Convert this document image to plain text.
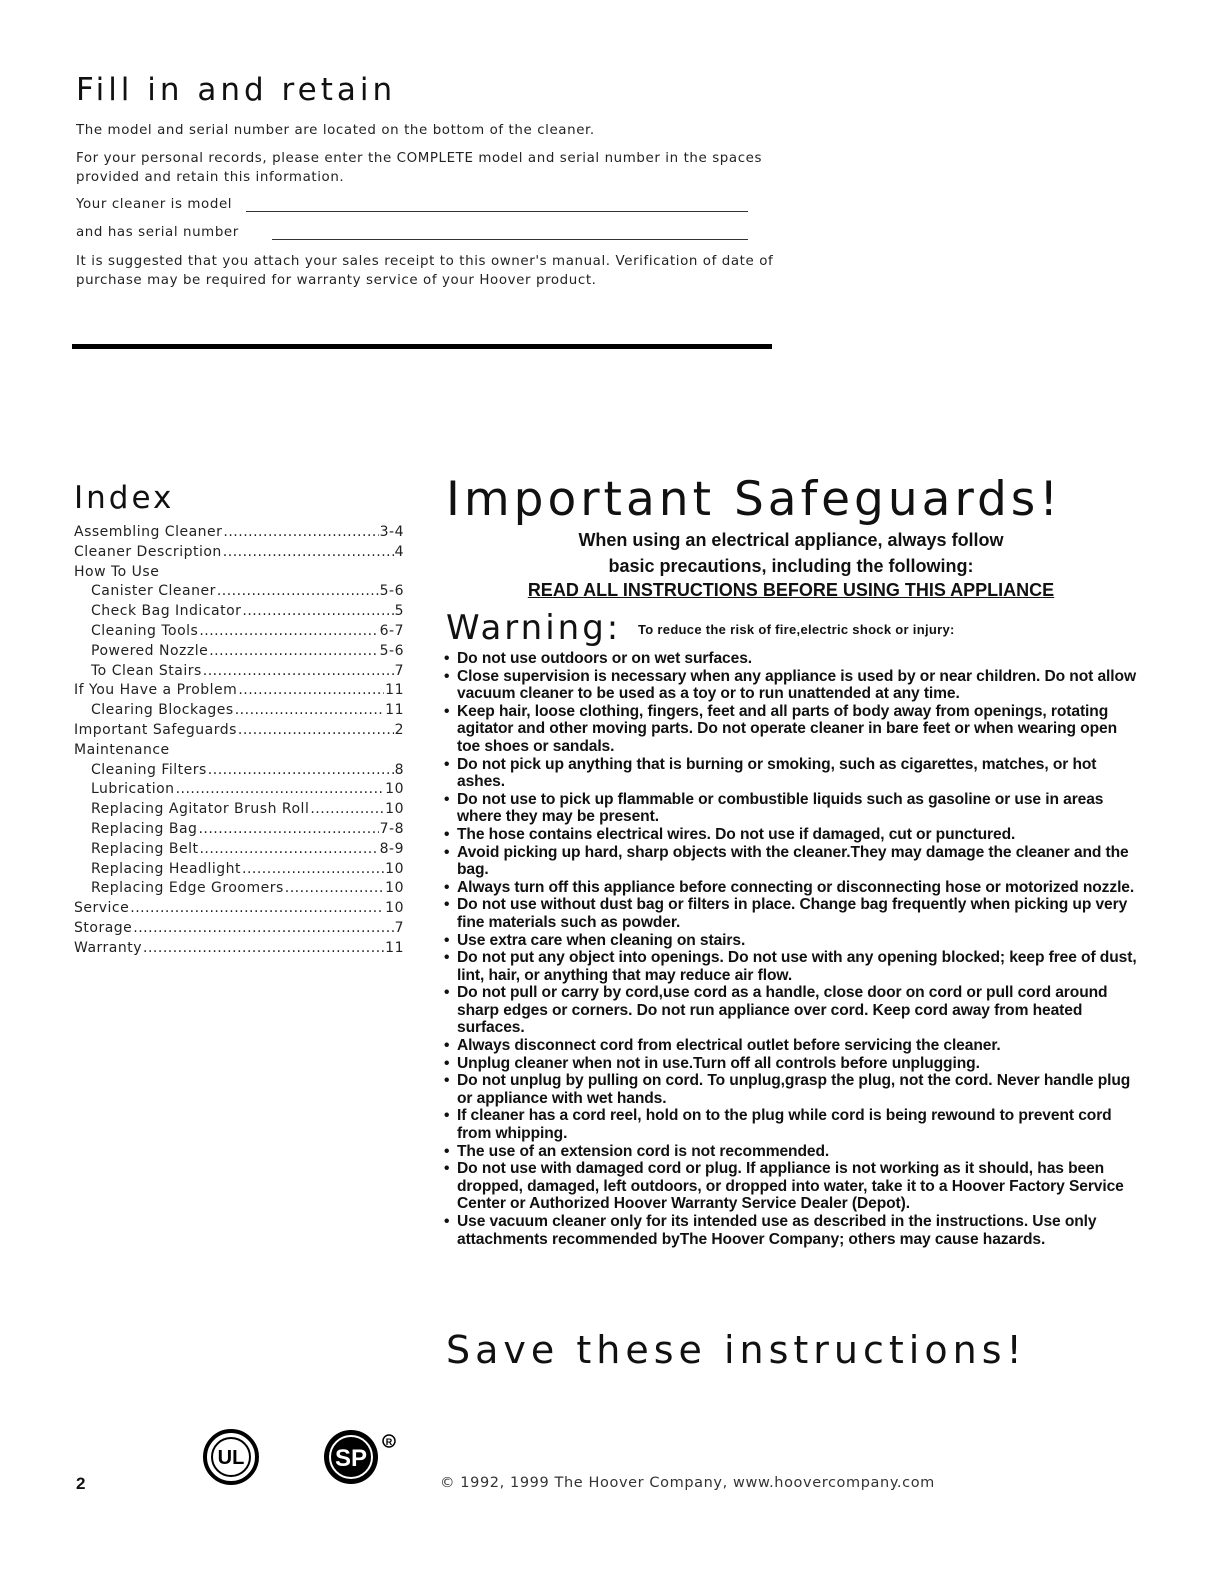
Fill in and retain

The model and serial number are located on the bottom of the cleaner.

For your personal records, please enter the COMPLETE model and serial number in the spaces provided and retain this information.

Your cleaner is model
and has serial number

It is suggested that you attach your sales receipt to this owner's manual. Verification of date of purchase may be required for warranty service of your Hoover product.

Index
Assembling Cleaner .....	3-4
Cleaner Description .....	4
How To Use
Canister Cleaner .....	5-6
Check Bag Indicator .....	5
Cleaning Tools .....	6-7
Powered Nozzle .....	5-6
To Clean Stairs .....	7
If You Have a Problem .....	11
Clearing Blockages .....	11
Important Safeguards .....	2
Maintenance
Cleaning Filters .....	8
Lubrication .....	10
Replacing Agitator Brush Roll .....	10
Replacing Bag .....	7-8
Replacing Belt .....	8-9
Replacing Headlight .....	10
Replacing Edge Groomers .....	10
Service .....	10
Storage .....	7
Warranty .....	11
Important Safeguards!

When using an electrical appliance, always follow

basic precautions, including the following:

READ ALL INSTRUCTIONS BEFORE USING THIS APPLIANCE

Warning: To reduce the risk of fire,electric shock or injury:
• Do not use outdoors or on wet surfaces.
• Close supervision is necessary when any appliance is used by or near children. Do not allow vacuum cleaner to be used as a toy or to run unattended at any time.
• Keep hair, loose clothing, fingers, feet and all parts of body away from openings, rotating agitator and other moving parts. Do not operate cleaner in bare feet or when wearing open toe shoes or sandals.
• Do not pick up anything that is burning or smoking, such as cigarettes, matches, or hot ashes.
• Do not use to pick up flammable or combustible liquids such as gasoline or use in areas where they may be present.
• The hose contains electrical wires. Do not use if damaged, cut or punctured.
• Avoid picking up hard, sharp objects with the cleaner.They may damage the cleaner and the bag.
• Always turn off this appliance before connecting or disconnecting hose or motorized nozzle.
• Do not use without dust bag or filters in place. Change bag frequently when picking up very fine materials such as powder.
• Use extra care when cleaning on stairs.
• Do not put any object into openings. Do not use with any opening blocked; keep free of dust, lint, hair, or anything that may reduce air flow.
• Do not pull or carry by cord,use cord as a handle, close door on cord or pull cord around sharp edges or corners. Do not run appliance over cord. Keep cord away from heated surfaces.
• Always disconnect cord from electrical outlet before servicing the cleaner.
• Unplug cleaner when not in use.Turn off all controls before unplugging.
• Do not unplug by pulling on cord. To unplug,grasp the plug, not the cord. Never handle plug or appliance with wet hands.
• If cleaner has a cord reel, hold on to the plug while cord is being rewound to prevent cord from whipping.
• The use of an extension cord is not recommended.
• Do not use with damaged cord or plug. If appliance is not working as it should, has been dropped, damaged, left outdoors, or dropped into water, take it to a Hoover Factory Service Center or Authorized Hoover Warranty Service Dealer (Depot).
• Use vacuum cleaner only for its intended use as described in the instructions. Use only attachments recommended byThe Hoover Company; others may cause hazards.
Save these instructions!
2
UL	SP
R
© 1992, 1999 The Hoover Company, www.hoovercompany.com
